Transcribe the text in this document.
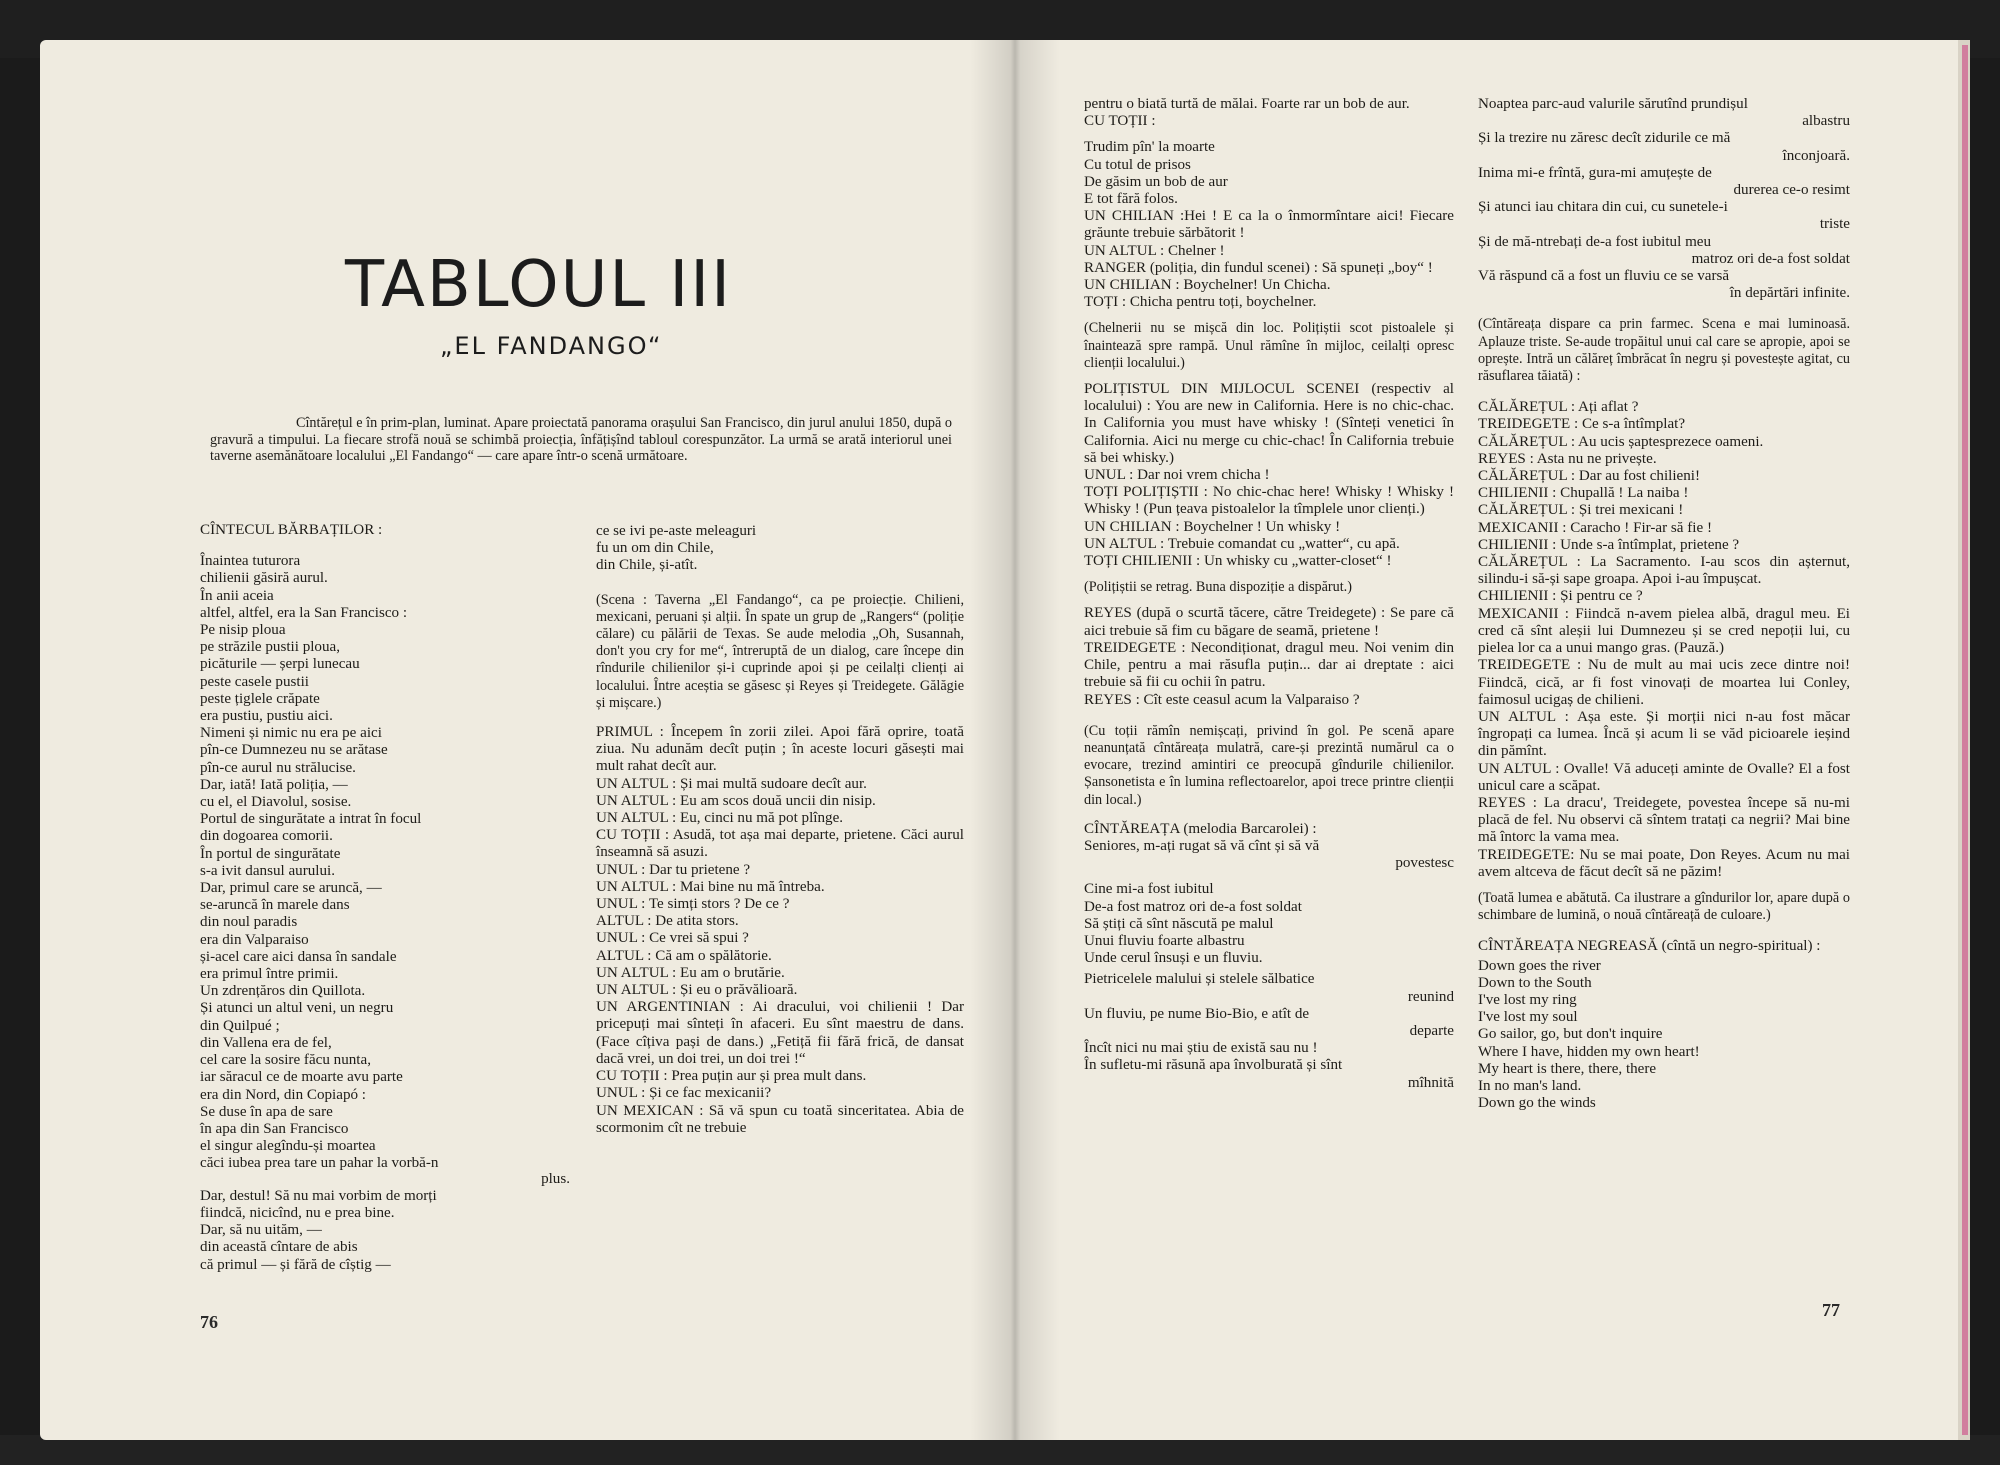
TABLOUL III
„EL FANDANGO“
Cîntărețul e în prim-plan, luminat. Apare proiectată panorama orașului San Francisco, din jurul anului 1850, după o gravură a timpului. La fiecare strofă nouă se schimbă proiecția, înfățișînd tabloul corespunzător. La urmă se arată interiorul unei taverne asemănătoare localului „El Fandango“ — care apare într-o scenă următoare.

CÎNTECUL BĂRBAȚILOR :

Înaintea tuturora
chilienii găsiră aurul.
În anii aceia
altfel, altfel, era la San Francisco :
Pe nisip ploua
pe străzile pustii ploua,
picăturile — șerpi lunecau
peste casele pustii
peste țiglele crăpate
era pustiu, pustiu aici.
Nimeni și nimic nu era pe aici
pîn-ce Dumnezeu nu se arătase
pîn-ce aurul nu strălucise.
Dar, iată! Iată poliția, —
cu el, el Diavolul, sosise.
Portul de singurătate a intrat în focul
din dogoarea comorii.
În portul de singurătate
s-a ivit dansul aurului.
Dar, primul care se aruncă, —
se-aruncă în marele dans
din noul paradis
era din Valparaiso
și-acel care aici dansa în sandale
era primul între primii.
Un zdrențăros din Quillota.
Și atunci un altul veni, un negru
din Quilpué ;
din Vallena era de fel,
cel care la sosire făcu nunta,
iar săracul ce de moarte avu parte
era din Nord, din Copiapó :
Se duse în apa de sare
în apa din San Francisco
el singur alegîndu-și moartea
căci iubea prea tare un pahar la vorbă-n
plus.
Dar, destul! Să nu mai vorbim de morți
fiindcă, nicicînd, nu e prea bine.
Dar, să nu uităm, —
din această cîntare de abis
că primul — și fără de cîștig —
ce se ivi pe-aste meleaguri
fu un om din Chile,
din Chile, și-atît.

(Scena : Taverna „El Fandango“, ca pe proiecție. Chilieni, mexicani, peruani și alții. În spate un grup de „Rangers“ (poliție călare) cu pălării de Texas. Se aude melodia „Oh, Susannah, don't you cry for me“, întreruptă de un dialog, care începe din rîndurile chilienilor și-i cuprinde apoi și pe ceilalți clienți ai localului. Între aceștia se găsesc și Reyes și Treidegete. Gălăgie și mișcare.)

PRIMUL : Începem în zorii zilei. Apoi fără oprire, toată ziua. Nu adunăm decît puțin ; în aceste locuri găsești mai mult rahat decît aur.

UN ALTUL : Și mai multă sudoare decît aur.

UN ALTUL : Eu am scos două uncii din nisip.

UN ALTUL : Eu, cinci nu mă pot plînge.

CU TOȚII : Asudă, tot așa mai departe, prietene. Căci aurul înseamnă să asuzi.

UNUL : Dar tu prietene ?

UN ALTUL : Mai bine nu mă întreba.

UNUL : Te simți stors ? De ce ?

ALTUL : De atita stors.

UNUL : Ce vrei să spui ?

ALTUL : Că am o spălătorie.

UN ALTUL : Eu am o brutărie.

UN ALTUL : Și eu o prăvălioară.

UN ARGENTINIAN : Ai dracului, voi chilienii ! Dar pricepuți mai sînteți în afaceri. Eu sînt maestru de dans. (Face cîțiva pași de dans.) „Fetiță fii fără frică, de dansat dacă vrei, un doi trei, un doi trei !“

CU TOȚII : Prea puțin aur și prea mult dans.

UNUL : Și ce fac mexicanii?

UN MEXICAN : Să vă spun cu toată sinceritatea. Abia de scormonim cît ne trebuie

76

pentru o biată turtă de mălai. Foarte rar un bob de aur.

CU TOȚII :

Trudim pîn' la moarte
Cu totul de prisos
De găsim un bob de aur
E tot fără folos.

UN CHILIAN :Hei ! E ca la o înmormîntare aici! Fiecare grăunte trebuie sărbătorit !

UN ALTUL : Chelner !

RANGER (poliția, din fundul scenei) : Să spuneți „boy“ !

UN CHILIAN : Boychelner! Un Chicha.

TOȚI : Chicha pentru toți, boychelner.

(Chelnerii nu se mișcă din loc. Polițiștii scot pistoalele și înaintează spre rampă. Unul rămîne în mijloc, ceilalți opresc clienții localului.)

POLIȚISTUL DIN MIJLOCUL SCENEI (respectiv al localului) : You are new in California. Here is no chic-chac. In California you must have whisky ! (Sînteți venetici în California. Aici nu merge cu chic-chac! În California trebuie să bei whisky.)

UNUL : Dar noi vrem chicha !

TOȚI POLIȚIȘTII : No chic-chac here! Whisky ! Whisky ! Whisky ! (Pun țeava pistoalelor la tîmplele unor clienți.)

UN CHILIAN : Boychelner ! Un whisky !

UN ALTUL : Trebuie comandat cu „watter“, cu apă.

TOȚI CHILIENII : Un whisky cu „watter-closet“ !

(Polițiștii se retrag. Buna dispoziție a dispărut.)

REYES (după o scurtă tăcere, către Treidegete) : Se pare că aici trebuie să fim cu băgare de seamă, prietene !

TREIDEGETE : Necondiționat, dragul meu. Noi venim din Chile, pentru a mai răsufla puțin... dar ai dreptate : aici trebuie să fii cu ochii în patru.

REYES : Cît este ceasul acum la Valparaiso ?

(Cu toții rămîn nemișcați, privind în gol. Pe scenă apare neanunțată cîntăreața mulatră, care-și prezintă numărul ca o evocare, trezind amintiri ce preocupă gîndurile chilienilor. Șansonetista e în lumina reflectoarelor, apoi trece printre clienții din local.)

CÎNTĂREAȚA (melodia Barcarolei) :

Seniores, m-ați rugat să vă cînt și să vă
povestesc
Cine mi-a fost iubitul
De-a fost matroz ori de-a fost soldat
Să știți că sînt născută pe malul
Unui fluviu foarte albastru
Unde cerul însuși e un fluviu.
Pietricelele malului și stelele sălbatice
reunind
Un fluviu, pe nume Bio-Bio, e atît de
departe
Încît nici nu mai știu de există sau nu !
În sufletu-mi răsună apa învolburată și sînt
mîhnită
Noaptea parc-aud valurile sărutînd prundișul
albastru
Și la trezire nu zăresc decît zidurile ce mă
înconjoară.
Inima mi-e frîntă, gura-mi amuțește de
durerea ce-o resimt
Și atunci iau chitara din cui, cu sunetele-i
triste
Și de mă-ntrebați de-a fost iubitul meu
matroz ori de-a fost soldat
Vă răspund că a fost un fluviu ce se varsă
în depărtări infinite.

(Cîntăreața dispare ca prin farmec. Scena e mai luminoasă. Aplauze triste. Se-aude tropăitul unui cal care se apropie, apoi se oprește. Intră un călăreț îmbrăcat în negru și povestește agitat, cu răsuflarea tăiată) :

CĂLĂREȚUL : Ați aflat ?

TREIDEGETE : Ce s-a întîmplat?

CĂLĂREȚUL : Au ucis șaptesprezece oameni.

REYES : Asta nu ne privește.

CĂLĂREȚUL : Dar au fost chilieni!

CHILIENII : Chupallă ! La naiba !

CĂLĂREȚUL : Și trei mexicani !

MEXICANII : Caracho ! Fir-ar să fie !

CHILIENII : Unde s-a întîmplat, prietene ?

CĂLĂREȚUL : La Sacramento. I-au scos din așternut, silindu-i să-și sape groapa. Apoi i-au împușcat.

CHILIENII : Și pentru ce ?

MEXICANII : Fiindcă n-avem pielea albă, dragul meu. Ei cred că sînt aleșii lui Dumnezeu și se cred nepoții lui, cu pielea lor ca a unui mango gras. (Pauză.)

TREIDEGETE : Nu de mult au mai ucis zece dintre noi! Fiindcă, cică, ar fi fost vinovați de moartea lui Conley, faimosul ucigaș de chilieni.

UN ALTUL : Așa este. Și morții nici n-au fost măcar îngropați ca lumea. Încă și acum li se văd picioarele ieșind din pămînt.

UN ALTUL : Ovalle! Vă aduceți aminte de Ovalle? El a fost unicul care a scăpat.

REYES : La dracu', Treidegete, povestea începe să nu-mi placă de fel. Nu observi că sîntem tratați ca negrii? Mai bine mă întorc la vama mea.

TREIDEGETE: Nu se mai poate, Don Reyes. Acum nu mai avem altceva de făcut decît să ne păzim!

(Toată lumea e abătută. Ca ilustrare a gîndurilor lor, apare după o schimbare de lumină, o nouă cîntăreață de culoare.)

CÎNTĂREAȚA NEGREASĂ (cîntă un negro-spiritual) :

Down goes the river
Down to the South
I've lost my ring
I've lost my soul
Go sailor, go, but don't inquire
Where I have, hidden my own heart!
My heart is there, there, there
In no man's land.
Down go the winds
77
